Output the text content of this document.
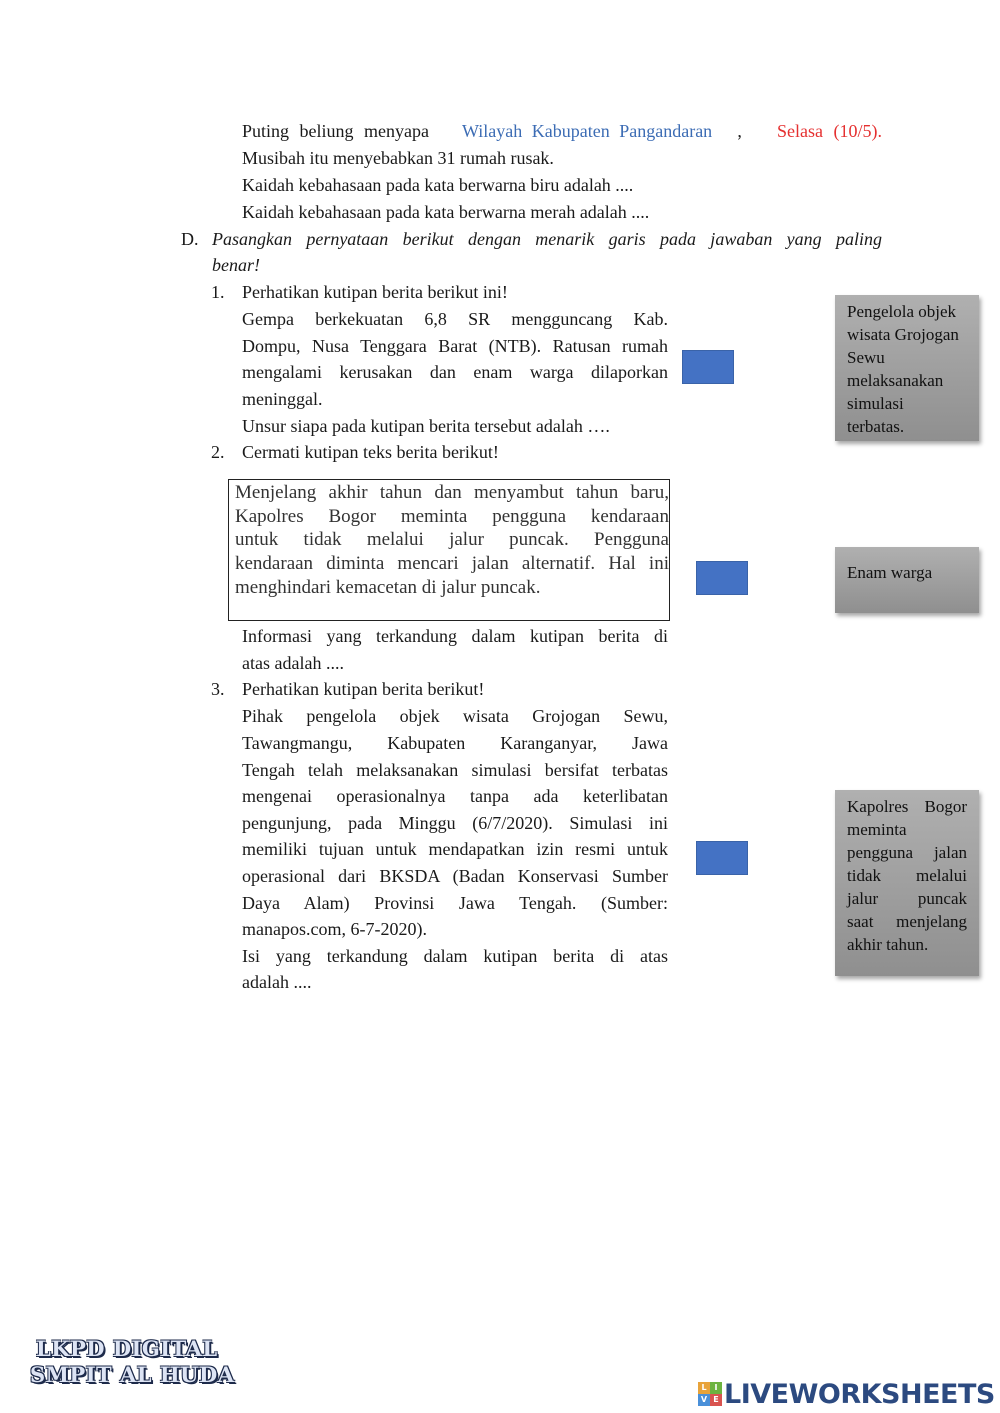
Puting beliung menyapa Wilayah Kabupaten Pangandaran , Selasa (10/5).
Musibah itu menyebabkan 31 rumah rusak.
Kaidah kebahasaan pada kata berwarna biru adalah ....
Kaidah kebahasaan pada kata berwarna merah adalah ....
D. Pasangkan pernyataan berikut dengan menarik garis pada jawaban yang paling
benar!
1. Perhatikan kutipan berita berikut ini!
Gempa berkekuatan 6,8 SR mengguncang Kab.
Dompu, Nusa Tenggara Barat (NTB). Ratusan rumah
mengalami kerusakan dan enam warga dilaporkan
meninggal.
Unsur siapa pada kutipan berita tersebut adalah ….
2. Cermati kutipan teks berita berikut!
Menjelang akhir tahun dan menyambut tahun baru,
Kapolres Bogor meminta pengguna kendaraan
untuk tidak melalui jalur puncak. Pengguna
kendaraan diminta mencari jalan alternatif. Hal ini
menghindari kemacetan di jalur puncak.
Informasi yang terkandung dalam kutipan berita di
atas adalah ....
3. Perhatikan kutipan berita berikut!
Pihak pengelola objek wisata Grojogan Sewu,
Tawangmangu, Kabupaten Karanganyar, Jawa
Tengah telah melaksanakan simulasi bersifat terbatas
mengenai operasionalnya tanpa ada keterlibatan
pengunjung, pada Minggu (6/7/2020). Simulasi ini
memiliki tujuan untuk mendapatkan izin resmi untuk
operasional dari BKSDA (Badan Konservasi Sumber
Daya Alam) Provinsi Jawa Tengah. (Sumber:
manapos.com, 6-7-2020).
Isi yang terkandung dalam kutipan berita di atas
adalah ....
Pengelola objek
wisata Grojogan
Sewu
melaksanakan
simulasi
terbatas.
Enam warga
Kapolres Bogor
meminta
pengguna jalan
tidak melalui
jalur puncak
saat menjelang
akhir tahun.
LKPD DIGITAL
SMPIT AL HUDA
L I
V E LIVEWORKSHEETS
